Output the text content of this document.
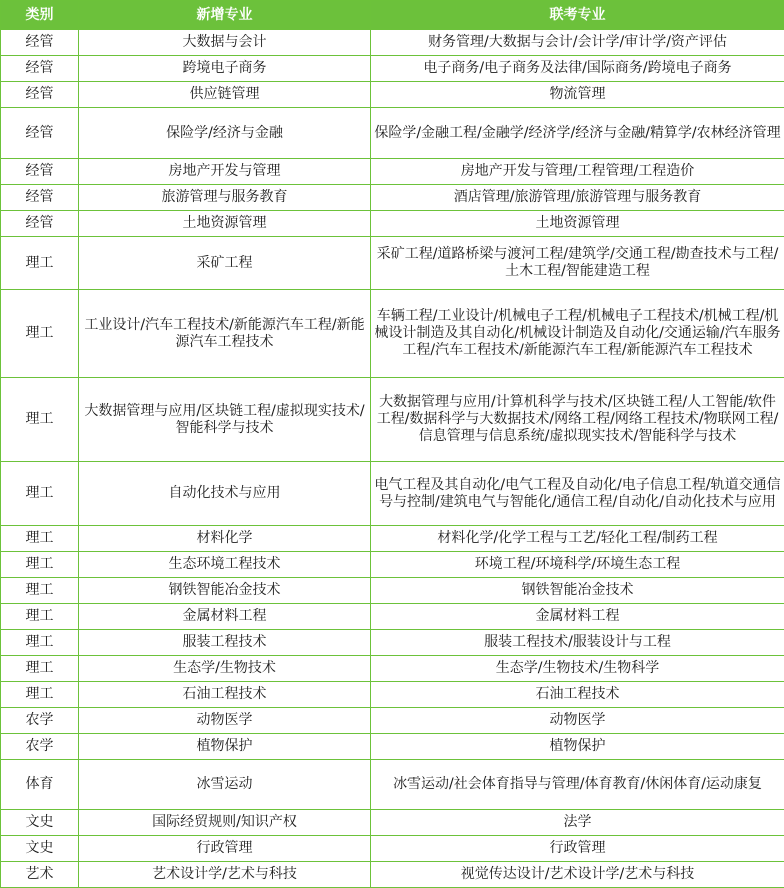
类别	新增专业	联考专业
经管	大数据与会计	财务管理/大数据与会计/会计学/审计学/资产评估
经管	跨境电子商务	电子商务/电子商务及法律/国际商务/跨境电子商务
经管	供应链管理	物流管理
经管	保险学/经济与金融	保险学/金融工程/金融学/经济学/经济与金融/精算学/农林经济管理
经管	房地产开发与管理	房地产开发与管理/工程管理/工程造价
经管	旅游管理与服务教育	酒店管理/旅游管理/旅游管理与服务教育
经管	土地资源管理	土地资源管理
理工	采矿工程	采矿工程/道路桥梁与渡河工程/建筑学/交通工程/勘查技术与工程/土木工程/智能建造工程
理工	工业设计/汽车工程技术/新能源汽车工程/新能源汽车工程技术	车辆工程/工业设计/机械电子工程/机械电子工程技术/机械工程/机械设计制造及其自动化/机械设计制造及自动化/交通运输/汽车服务工程/汽车工程技术/新能源汽车工程/新能源汽车工程技术
理工	大数据管理与应用/区块链工程/虚拟现实技术/智能科学与技术	大数据管理与应用/计算机科学与技术/区块链工程/人工智能/软件工程/数据科学与大数据技术/网络工程/网络工程技术/物联网工程/信息管理与信息系统/虚拟现实技术/智能科学与技术
理工	自动化技术与应用	电气工程及其自动化/电气工程及自动化/电子信息工程/轨道交通信号与控制/建筑电气与智能化/通信工程/自动化/自动化技术与应用
理工	材料化学	材料化学/化学工程与工艺/轻化工程/制药工程
理工	生态环境工程技术	环境工程/环境科学/环境生态工程
理工	钢铁智能冶金技术	钢铁智能冶金技术
理工	金属材料工程	金属材料工程
理工	服装工程技术	服装工程技术/服装设计与工程
理工	生态学/生物技术	生态学/生物技术/生物科学
理工	石油工程技术	石油工程技术
农学	动物医学	动物医学
农学	植物保护	植物保护
体育	冰雪运动	冰雪运动/社会体育指导与管理/体育教育/休闲体育/运动康复
文史	国际经贸规则/知识产权	法学
文史	行政管理	行政管理
艺术	艺术设计学/艺术与科技	视觉传达设计/艺术设计学/艺术与科技
